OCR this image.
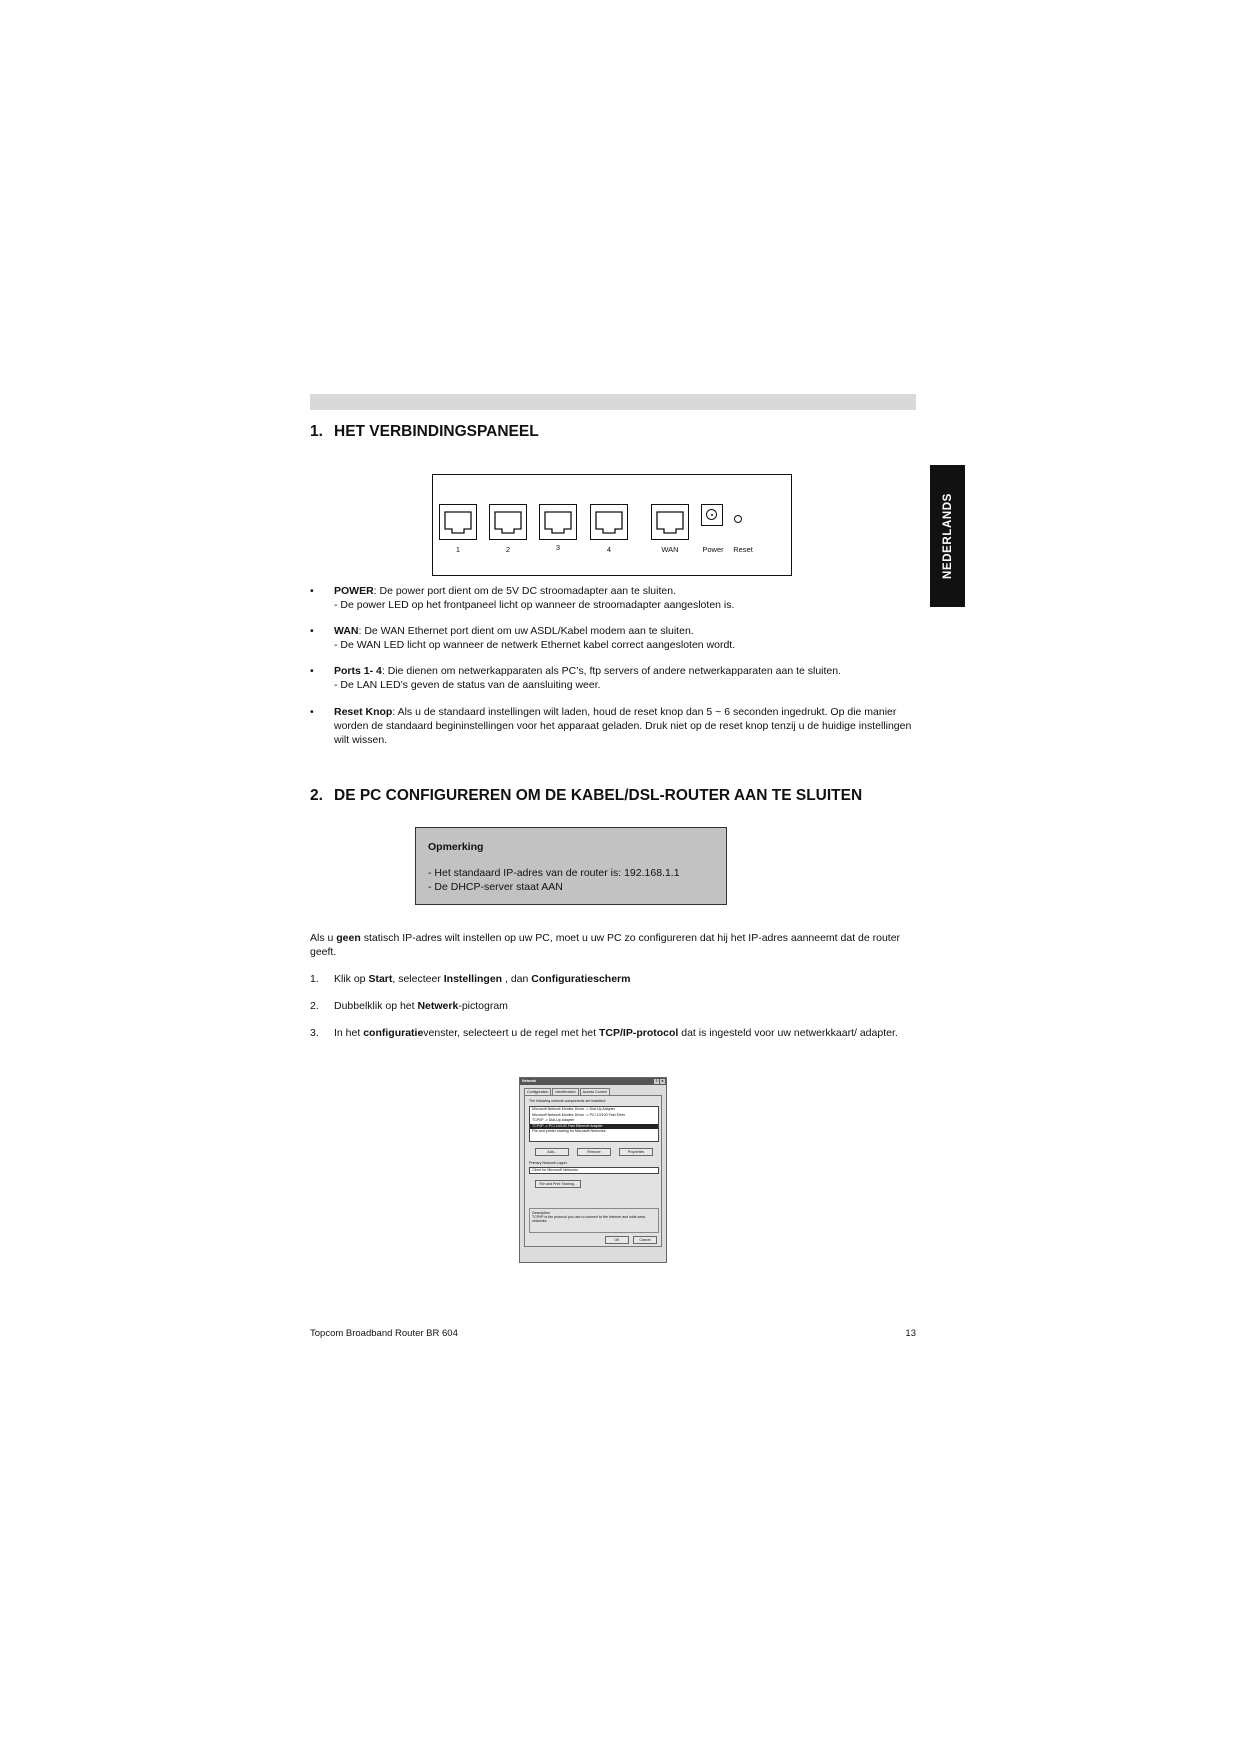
NEDERLANDS
1. HET VERBINDINGSPANEEL
1	2	3	4	WAN	Power	Reset
• POWER: De power port dient om de 5V DC stroomadapter aan te sluiten.
- De power LED op het frontpaneel licht op wanneer de stroomadapter aangesloten is.
• WAN: De WAN Ethernet port dient om uw ASDL/Kabel modem aan te sluiten.
- De WAN LED licht op wanneer de netwerk Ethernet kabel correct aangesloten wordt.
• Ports 1- 4: Die dienen om netwerkapparaten als PC’s, ftp servers of andere netwerkapparaten aan te sluiten.
- De LAN LED’s geven de status van de aansluiting weer.
• Reset Knop: Als u de standaard instellingen wilt laden, houd de reset knop dan 5 ~ 6 seconden ingedrukt. Op die manier worden de standaard begininstellingen voor het apparaat geladen. Druk niet op de reset knop tenzij u de huidige instellingen wilt wissen.
2. DE PC CONFIGUREREN OM DE KABEL/DSL-ROUTER AAN TE SLUITEN
Opmerking
- Het standaard IP-adres van de router is: 192.168.1.1
- De DHCP-server staat AAN
Als u geen statisch IP-adres wilt instellen op uw PC, moet u uw PC zo configureren dat hij het IP-adres aanneemt dat de router geeft.
1. Klik op Start, selecteer Instellingen , dan Configuratiescherm
2. Dubbelklik op het Netwerk-pictogram
3. In het configuratievenster, selecteert u de regel met het TCP/IP-protocol dat is ingesteld voor uw netwerkkaart/ adapter.
Network	?	x
Configuration	Identification	Access Control
The following network components are installed:
Microsoft Network Monitor Driver -> Dial-Up Adapter
Microsoft Network Monitor Driver -> PCI 10/100 Fast Ether
TCP/IP -> Dial-Up Adapter
TCP/IP -> PCI 10/100 Fast Ethernet Adapter
File and printer sharing for Microsoft Networks
Add...	Remove	Properties
Primary Network Logon:
Client for Microsoft Networks
File and Print Sharing...
Description
TCP/IP is the protocol you use to connect to the Internet and wide-area networks.
OK	Cancel
Topcom Broadband Router BR 604	13
